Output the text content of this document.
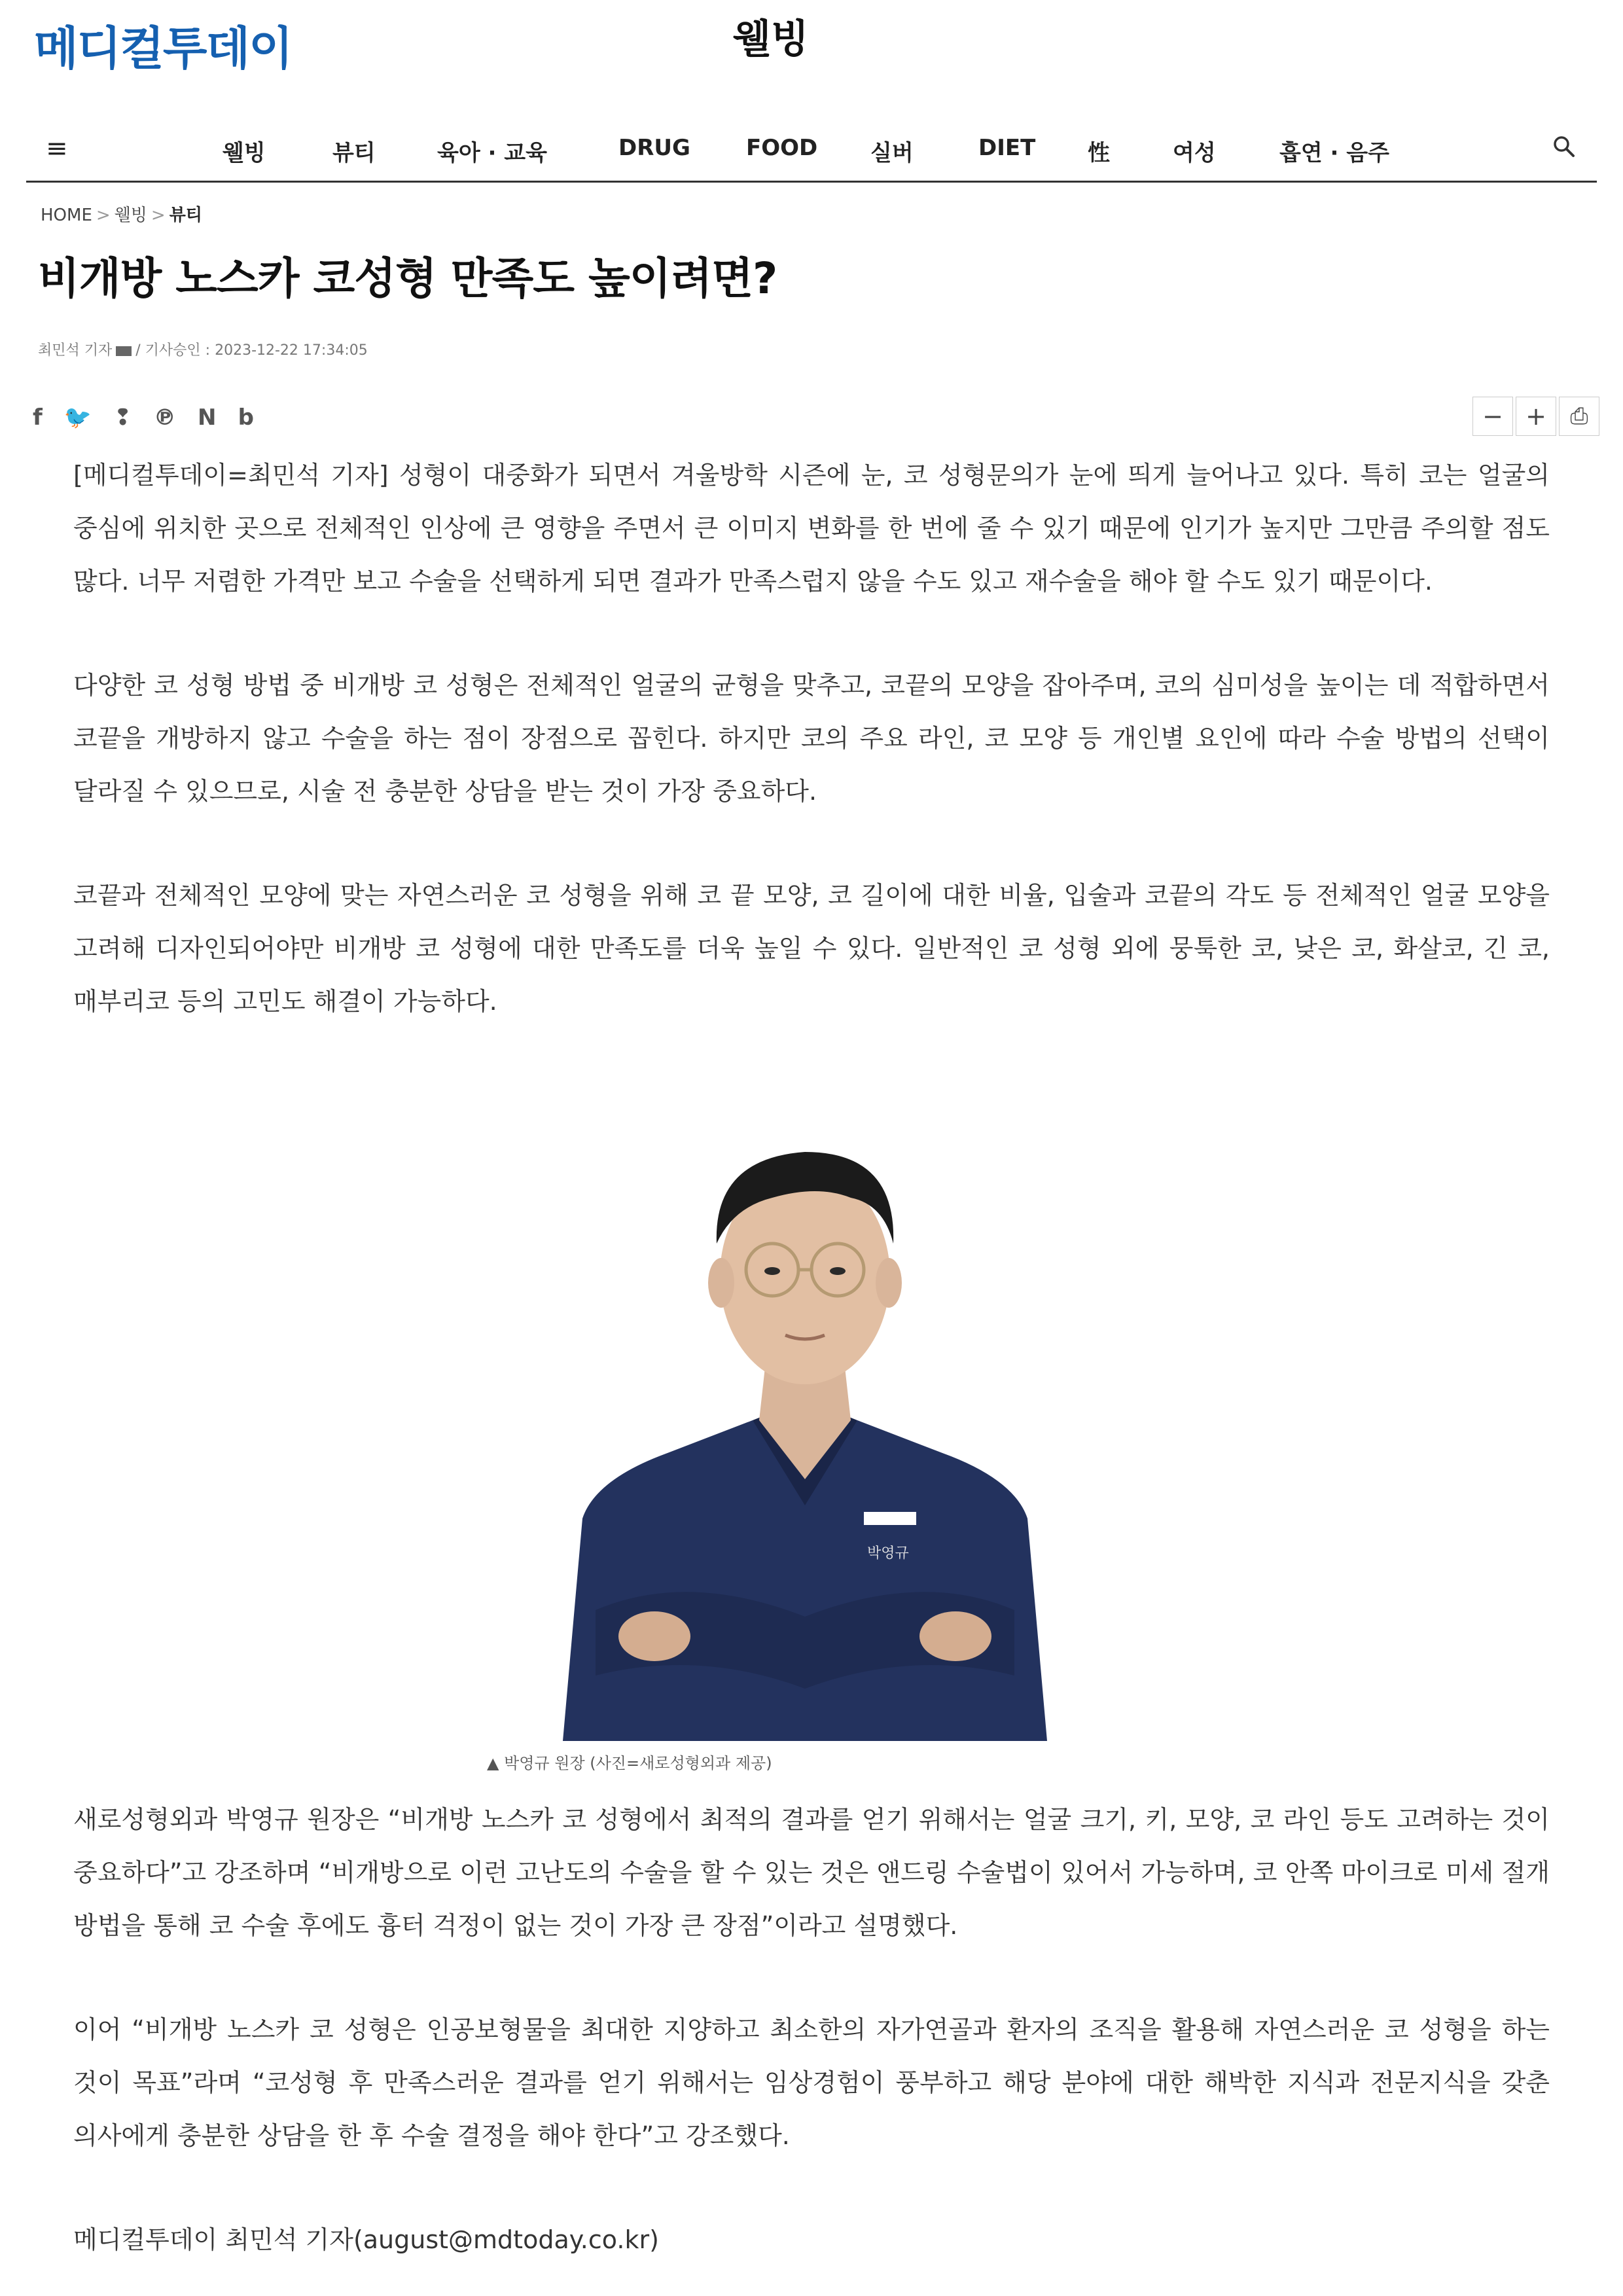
메디컬투데이	웰빙
≡	웰빙	뷰티	육아 · 교육	DRUG	FOOD 실버	DIET 性	여성	흡연 · 음주
HOME > 웰빙 > 뷰티
비개방 노스카 코성형 만족도 높이려면?
최민석 기자 / 기사승인 : 2023-12-22 17:34:05
f 🐦 ❢ ℗ N b	− +	⎙

[메디컬투데이=최민석 기자] 성형이 대중화가 되면서 겨울방학 시즌에 눈, 코 성형문의가 눈에 띄게 늘어나고 있다. 특히 코는 얼굴의 중심에 위치한 곳으로 전체적인 인상에 큰 영향을 주면서 큰 이미지 변화를 한 번에 줄 수 있기 때문에 인기가 높지만 그만큼 주의할 점도 많다. 너무 저렴한 가격만 보고 수술을 선택하게 되면 결과가 만족스럽지 않을 수도 있고 재수술을 해야 할 수도 있기 때문이다.

다양한 코 성형 방법 중 비개방 코 성형은 전체적인 얼굴의 균형을 맞추고, 코끝의 모양을 잡아주며, 코의 심미성을 높이는 데 적합하면서 코끝을 개방하지 않고 수술을 하는 점이 장점으로 꼽힌다. 하지만 코의 주요 라인, 코 모양 등 개인별 요인에 따라 수술 방법의 선택이 달라질 수 있으므로, 시술 전 충분한 상담을 받는 것이 가장 중요하다.

코끝과 전체적인 모양에 맞는 자연스러운 코 성형을 위해 코 끝 모양, 코 길이에 대한 비율, 입술과 코끝의 각도 등 전체적인 얼굴 모양을 고려해 디자인되어야만 비개방 코 성형에 대한 만족도를 더욱 높일 수 있다. 일반적인 코 성형 외에 뭉툭한 코, 낮은 코, 화살코, 긴 코, 매부리코 등의 고민도 해결이 가능하다.

박영규
▲ 박영규 원장 (사진=새로성형외과 제공)

새로성형외과 박영규 원장은 “비개방 노스카 코 성형에서 최적의 결과를 얻기 위해서는 얼굴 크기, 키, 모양, 코 라인 등도 고려하는 것이 중요하다”고 강조하며 “비개방으로 이런 고난도의 수술을 할 수 있는 것은 앤드링 수술법이 있어서 가능하며, 코 안쪽 마이크로 미세 절개 방법을 통해 코 수술 후에도 흉터 걱정이 없는 것이 가장 큰 장점”이라고 설명했다.

이어 “비개방 노스카 코 성형은 인공보형물을 최대한 지양하고 최소한의 자가연골과 환자의 조직을 활용해 자연스러운 코 성형을 하는 것이 목표”라며 “코성형 후 만족스러운 결과를 얻기 위해서는 임상경험이 풍부하고 해당 분야에 대한 해박한 지식과 전문지식을 갖춘 의사에게 충분한 상담을 한 후 수술 결정을 해야 한다”고 강조했다.

메디컬투데이 최민석 기자(august@mdtoday.co.kr)
